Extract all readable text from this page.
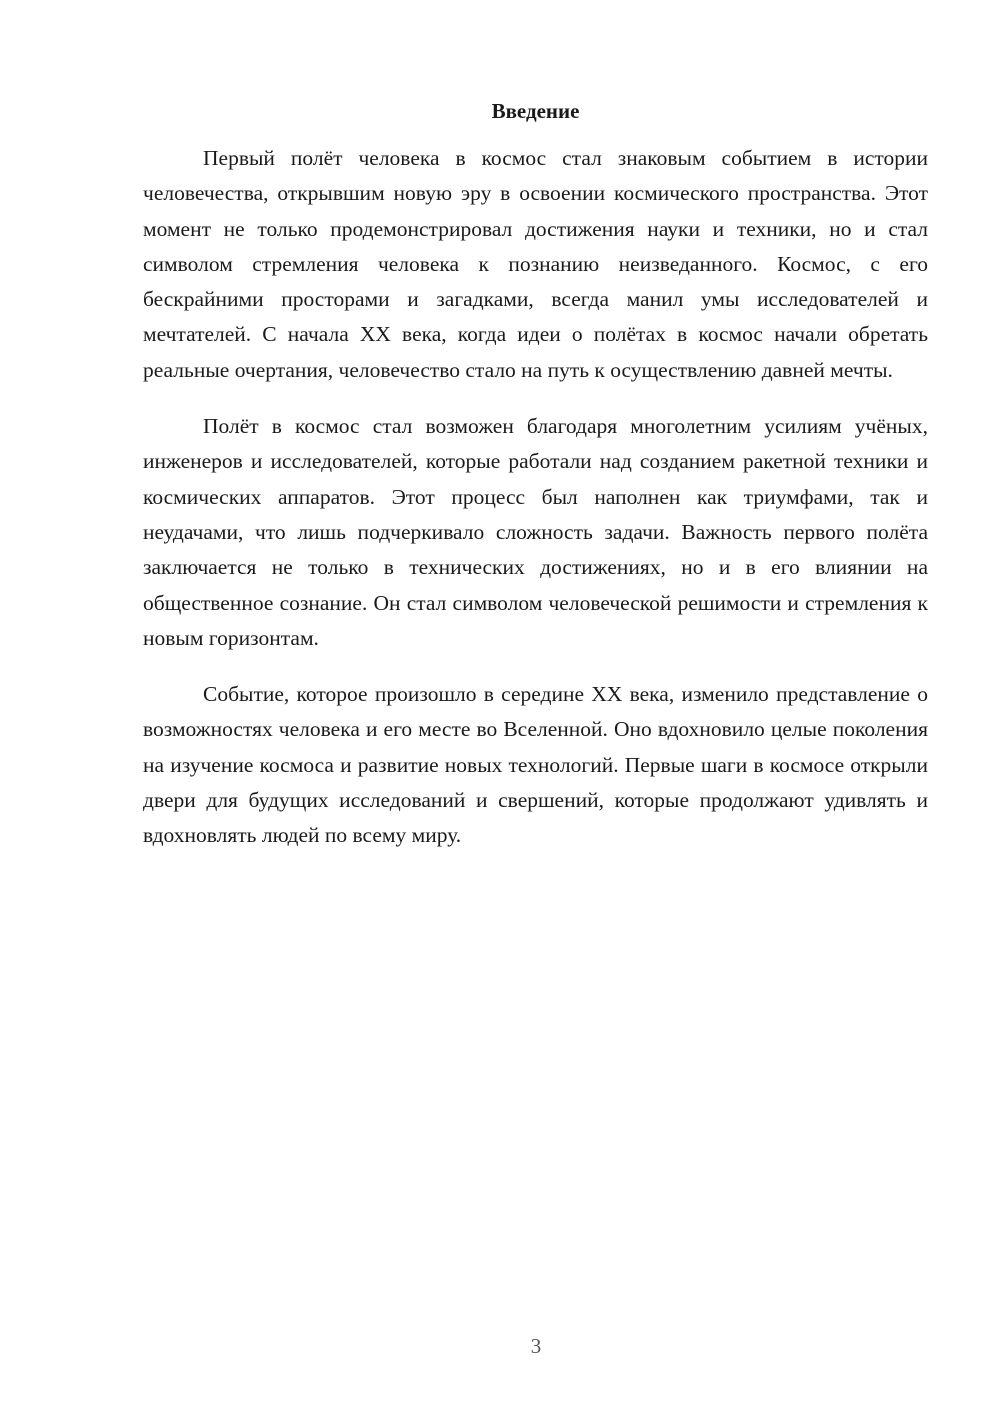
Введение

Первый полёт человека в космос стал знаковым событием в истории человечества, открывшим новую эру в освоении космического пространства. Этот момент не только продемонстрировал достижения науки и техники, но и стал символом стремления человека к познанию неизведанного. Космос, с его бескрайними просторами и загадками, всегда манил умы исследователей и мечтателей. С начала XX века, когда идеи о полётах в космос начали обретать реальные очертания, человечество стало на путь к осуществлению давней мечты.

Полёт в космос стал возможен благодаря многолетним усилиям учёных, инженеров и исследователей, которые работали над созданием ракетной техники и космических аппаратов. Этот процесс был наполнен как триумфами, так и неудачами, что лишь подчеркивало сложность задачи. Важность первого полёта заключается не только в технических достижениях, но и в его влиянии на общественное сознание. Он стал символом человеческой решимости и стремления к новым горизонтам.

Событие, которое произошло в середине XX века, изменило представление о возможностях человека и его месте во Вселенной. Оно вдохновило целые поколения на изучение космоса и развитие новых технологий. Первые шаги в космосе открыли двери для будущих исследований и свершений, которые продолжают удивлять и вдохновлять людей по всему миру.

3
